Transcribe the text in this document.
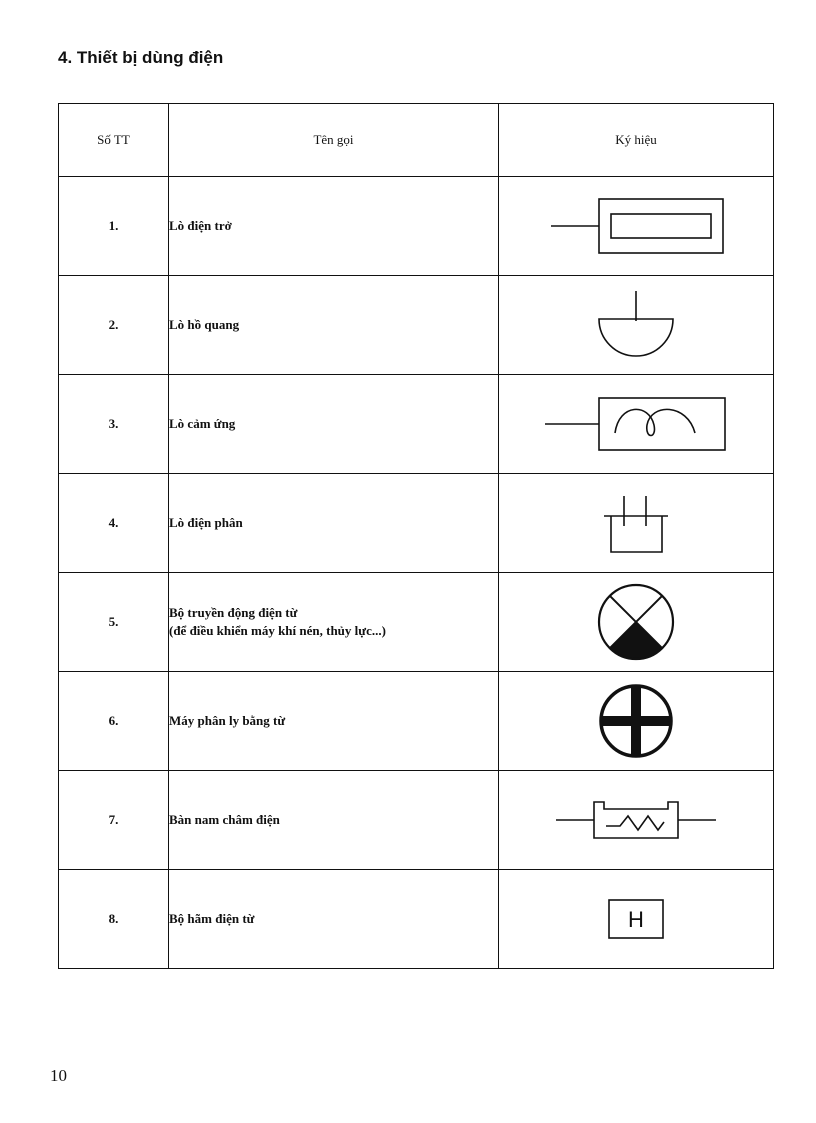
4. Thiết bị dùng điện
Số TT	Tên gọi	Ký hiệu
1.	Lò điện trở	

2.	Lò hồ quang	

3.	Lò cảm ứng	

4.	Lò điện phân	

5.	Bộ truyền động điện từ
(để điều khiển máy khí nén, thủy lực...)

6.	Máy phân ly bằng từ	

7.	Bàn nam châm điện	

8.	Bộ hãm điện từ	H
10
